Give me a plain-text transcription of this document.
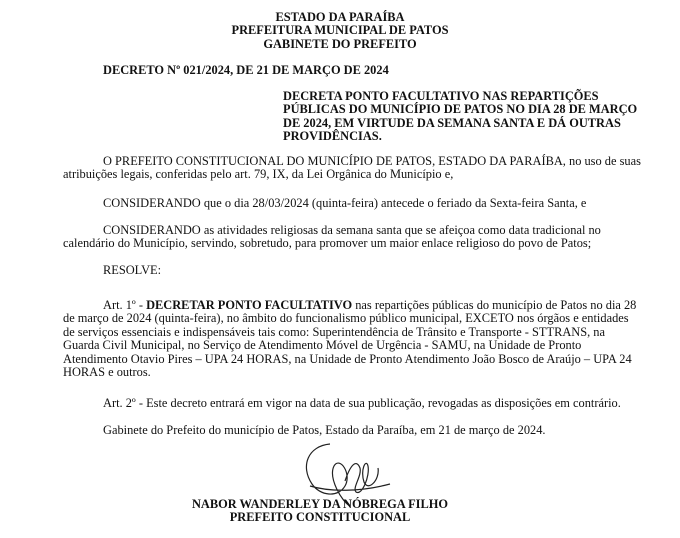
ESTADO DA PARAÍBA
PREFEITURA MUNICIPAL DE PATOS
GABINETE DO PREFEITO
DECRETO Nº 021/2024, DE 21 DE MARÇO DE 2024
DECRETA PONTO FACULTATIVO NAS REPARTIÇÕES
PÚBLICAS DO MUNICÍPIO DE PATOS NO DIA 28 DE MARÇO
DE 2024, EM VIRTUDE DA SEMANA SANTA E DÁ OUTRAS
PROVIDÊNCIAS.
O PREFEITO CONSTITUCIONAL DO MUNICÍPIO DE PATOS, ESTADO DA PARAÍBA, no uso de suas
atribuições legais, conferidas pelo art. 79, IX, da Lei Orgânica do Município e,
CONSIDERANDO que o dia 28/03/2024 (quinta-feira) antecede o feriado da Sexta-feira Santa, e
CONSIDERANDO as atividades religiosas da semana santa que se afeiçoa como data tradicional no
calendário do Município, servindo, sobretudo, para promover um maior enlace religioso do povo de Patos;
RESOLVE:
Art. 1º - DECRETAR PONTO FACULTATIVO nas repartições públicas do município de Patos no dia 28
de março de 2024 (quinta-feira), no âmbito do funcionalismo público municipal, EXCETO nos órgãos e entidades
de serviços essenciais e indispensáveis tais como: Superintendência de Trânsito e Transporte - STTRANS, na
Guarda Civil Municipal, no Serviço de Atendimento Móvel de Urgência - SAMU, na Unidade de Pronto
Atendimento Otavio Pires – UPA 24 HORAS, na Unidade de Pronto Atendimento João Bosco de Araújo – UPA 24
HORAS e outros.
Art. 2º - Este decreto entrará em vigor na data de sua publicação, revogadas as disposições em contrário.
Gabinete do Prefeito do município de Patos, Estado da Paraíba, em 21 de março de 2024.
NABOR WANDERLEY DA NÓBREGA FILHO
PREFEITO CONSTITUCIONAL
